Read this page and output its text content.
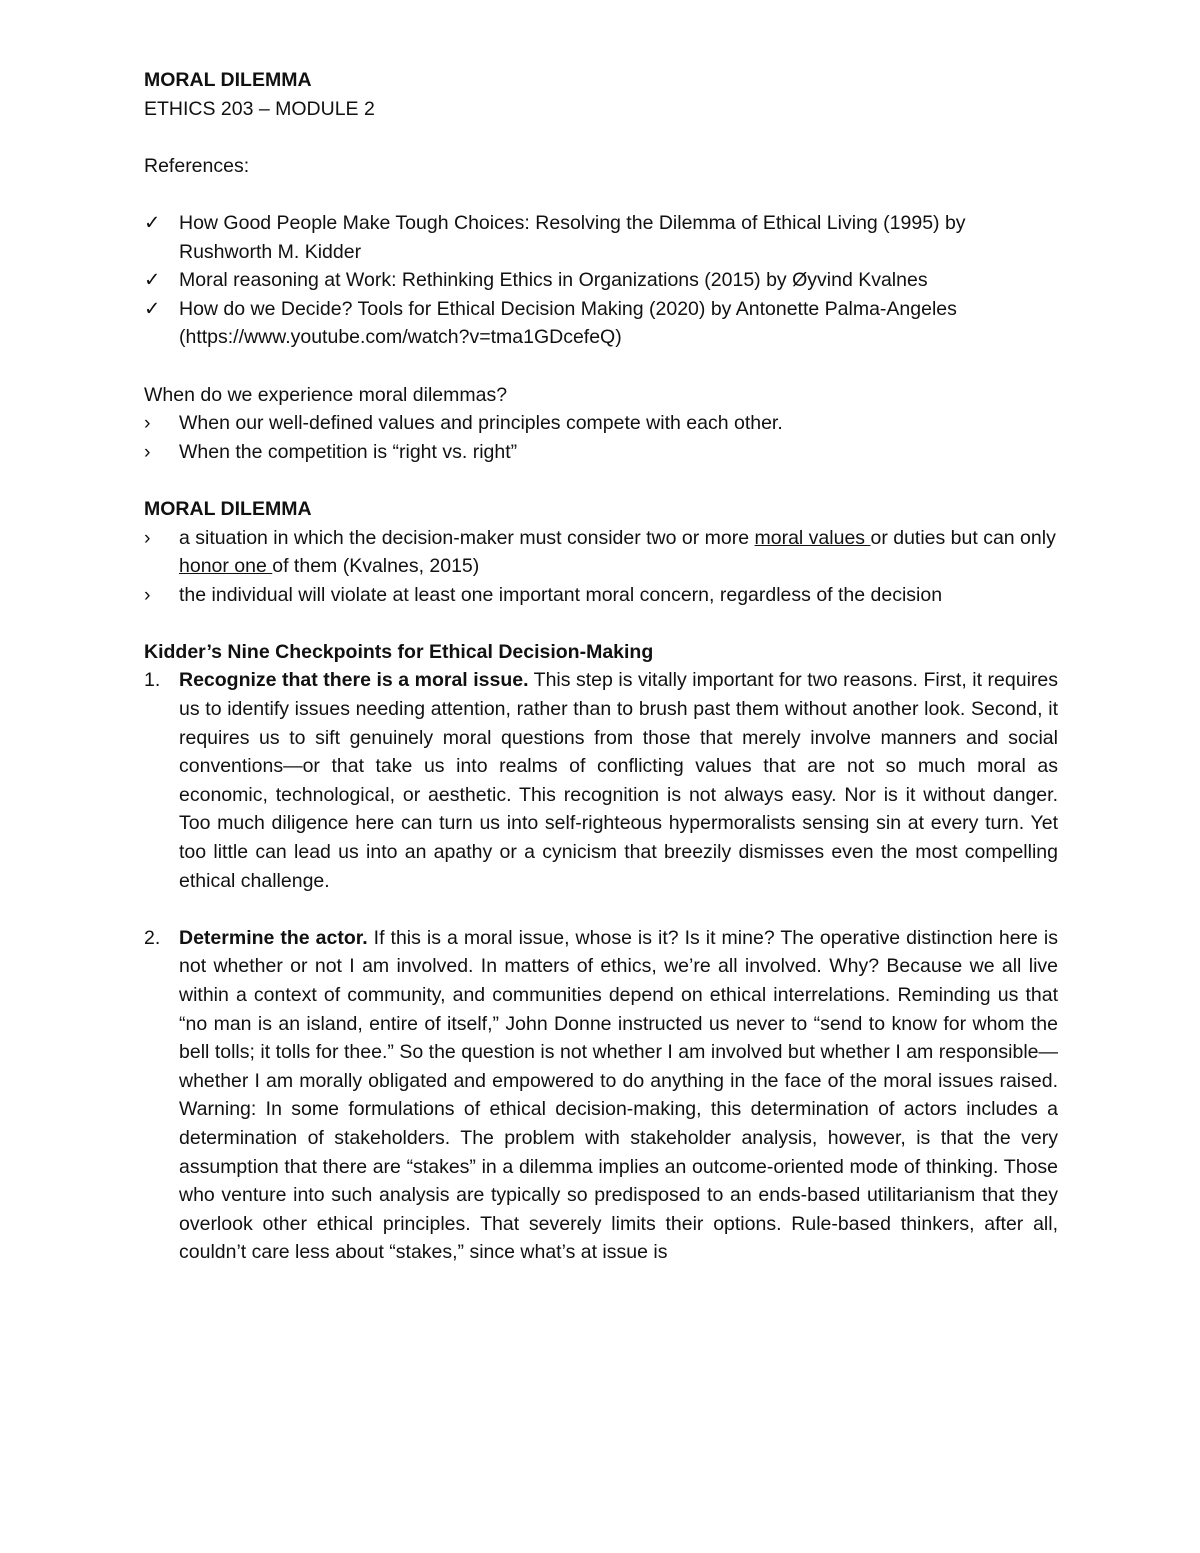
MORAL DILEMMA
ETHICS 203 – MODULE 2
References:
✓ How Good People Make Tough Choices: Resolving the Dilemma of Ethical Living (1995) by Rushworth M. Kidder
✓ Moral reasoning at Work: Rethinking Ethics in Organizations (2015) by Øyvind Kvalnes
✓ How do we Decide? Tools for Ethical Decision Making (2020) by Antonette Palma-Angeles (https://www.youtube.com/watch?v=tma1GDcefeQ)
When do we experience moral dilemmas?
›	When our well-defined values and principles compete with each other.
›	When the competition is “right vs. right”
MORAL DILEMMA
›	a situation in which the decision-maker must consider two or more moral values or duties but can only honor one of them (Kvalnes, 2015)
›	the individual will violate at least one important moral concern, regardless of the decision
Kidder’s Nine Checkpoints for Ethical Decision-Making
1. Recognize that there is a moral issue. This step is vitally important for two reasons. First, it requires us to identify issues needing attention, rather than to brush past them without another look. Second, it requires us to sift genuinely moral questions from those that merely involve manners and social conventions—or that take us into realms of conflicting values that are not so much moral as economic, technological, or aesthetic. This recognition is not always easy. Nor is it without danger. Too much diligence here can turn us into self-righteous hypermoralists sensing sin at every turn. Yet too little can lead us into an apathy or a cynicism that breezily dismisses even the most compelling ethical challenge.
2. Determine the actor. If this is a moral issue, whose is it? Is it mine? The operative distinction here is not whether or not I am involved. In matters of ethics, we’re all involved. Why? Because we all live within a context of community, and communities depend on ethical interrelations. Reminding us that “no man is an island, entire of itself,” John Donne instructed us never to “send to know for whom the bell tolls; it tolls for thee.” So the question is not whether I am involved but whether I am responsible—whether I am morally obligated and empowered to do anything in the face of the moral issues raised. Warning: In some formulations of ethical decision-making, this determination of actors includes a determination of stakeholders. The problem with stakeholder analysis, however, is that the very assumption that there are “stakes” in a dilemma implies an outcome-oriented mode of thinking. Those who venture into such analysis are typically so predisposed to an ends-based utilitarianism that they overlook other ethical principles. That severely limits their options. Rule-based thinkers, after all, couldn’t care less about “stakes,” since what’s at issue is
